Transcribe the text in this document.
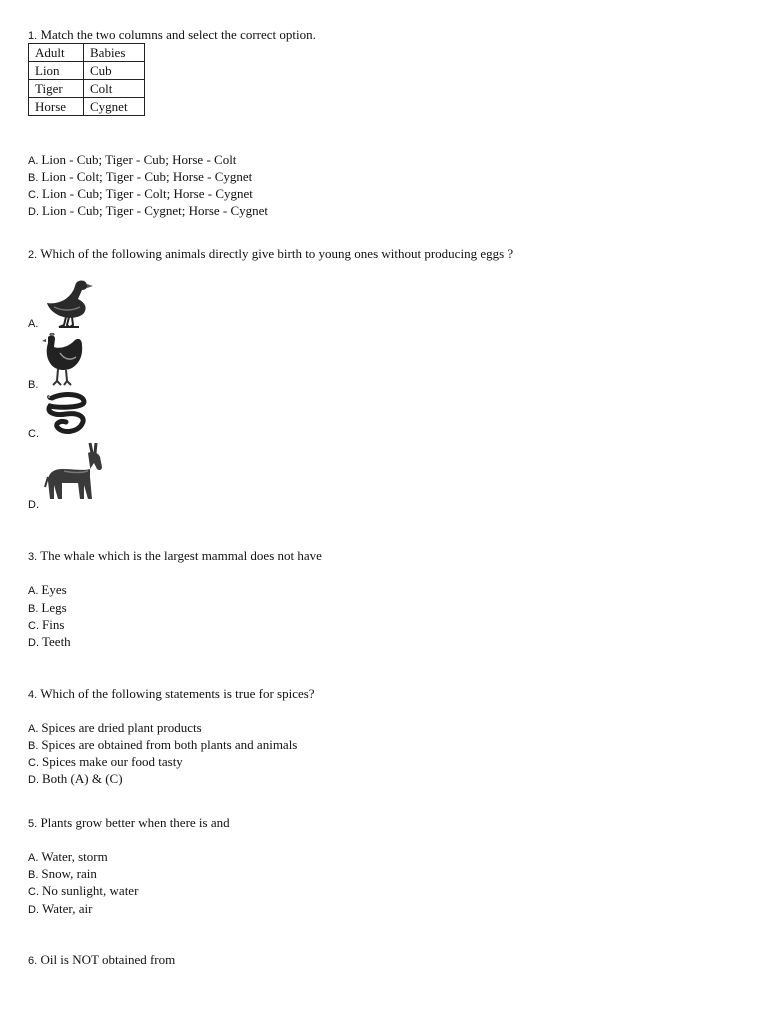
1. Match the two columns and select the correct option.
Adult	Babies
Lion	Cub
Tiger	Colt
Horse	Cygnet
A. Lion - Cub; Tiger - Cub; Horse - Colt
B. Lion - Colt; Tiger - Cub; Horse - Cygnet
C. Lion - Cub; Tiger - Colt; Horse - Cygnet
D. Lion - Cub; Tiger - Cygnet; Horse - Cygnet
2. Which of the following animals directly give birth to young ones without producing eggs ?
A.
B.
C.
D.
3. The whale which is the largest mammal does not have
A. Eyes
B. Legs
C. Fins
D. Teeth
4. Which of the following statements is true for spices?
A. Spices are dried plant products
B. Spices are obtained from both plants and animals
C. Spices make our food tasty
D. Both (A) & (C)
5. Plants grow better when there is and
A. Water, storm
B. Snow, rain
C. No sunlight, water
D. Water, air
6. Oil is NOT obtained from
